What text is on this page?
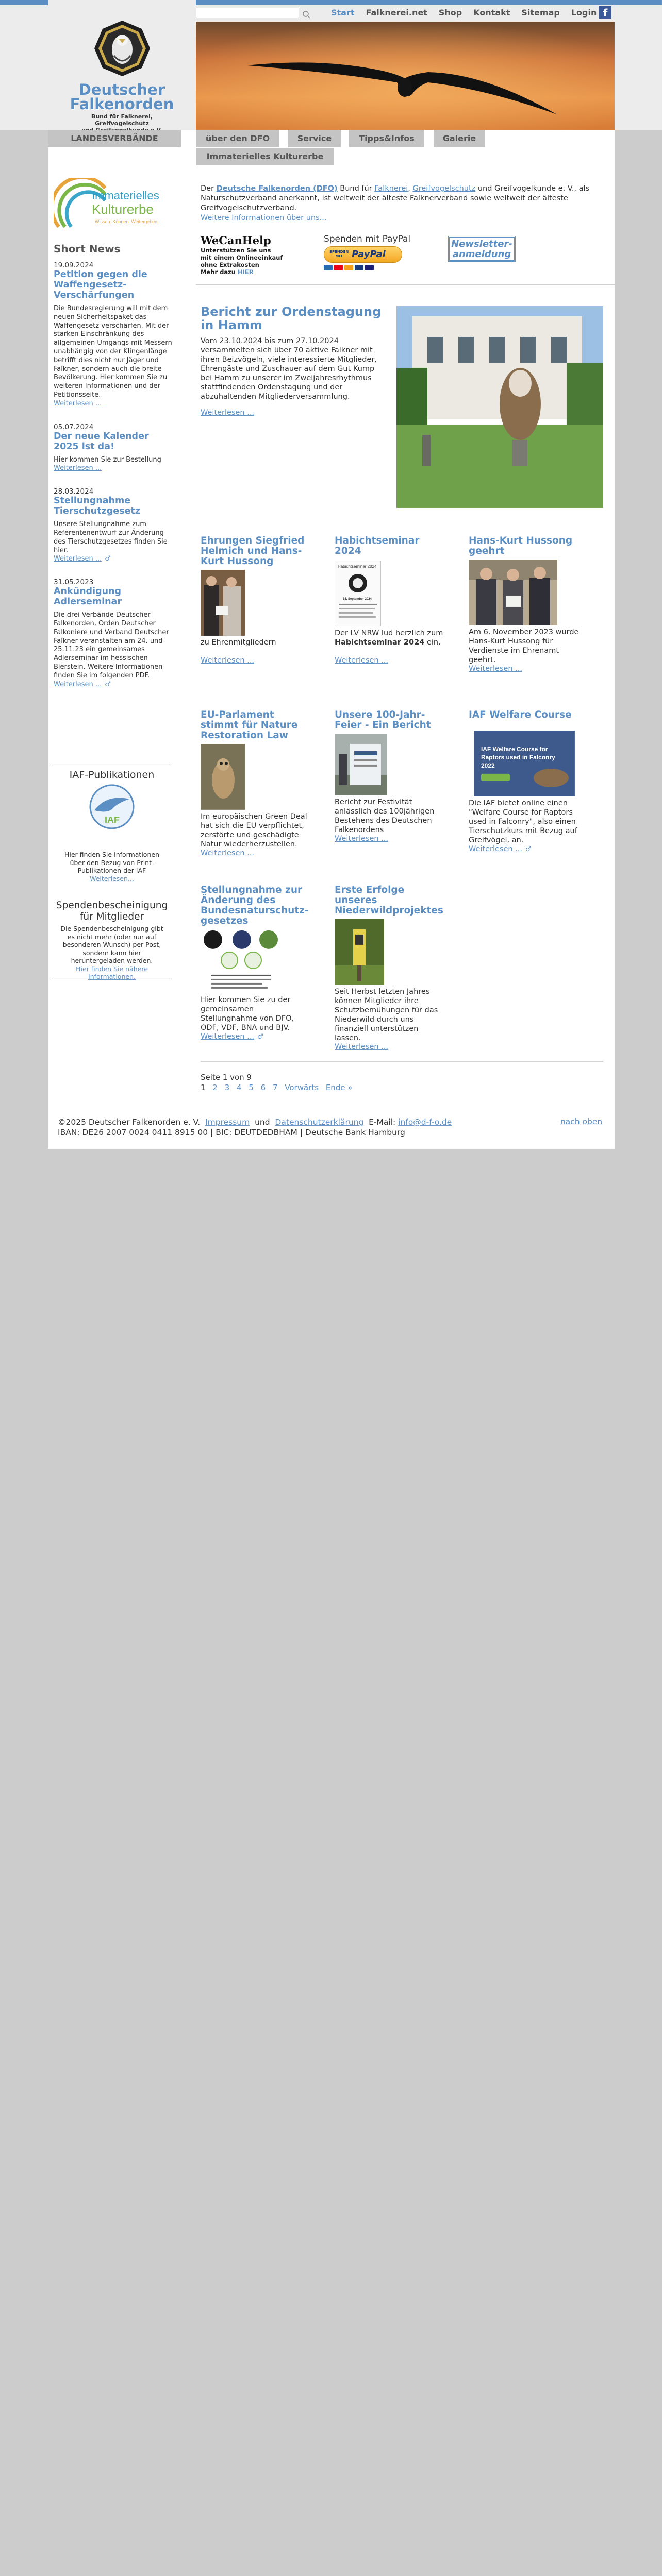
Deutscher
Falkenorden
Bund für Falknerei,
Greifvogelschutz
Start Falknerei.net Shop Kontakt Sitemap Login f
LANDESVERBÄNDE	über den DFO	Service	Tipps&Infos	Galerie
Immaterielles Kulturerbe
Immaterielles
Kulturerbe
Wissen. Können. Weitergeben.
Short News
19.09.2024
Petition gegen die Waffengesetz-Verschärfungen
Die Bundesregierung will mit dem neuen Sicherheitspaket das Waffengesetz verschärfen. Mit der starken Einschränkung des allgemeinen Umgangs mit Messern unabhängig von der Klingenlänge betrifft dies nicht nur Jäger und Falkner, sondern auch die breite Bevölkerung. Hier kommen Sie zu weiteren Informationen und der Petitionsseite.
Weiterlesen ...
05.07.2024
Der neue Kalender 2025 ist da!
Hier kommen Sie zur Bestellung
Weiterlesen ...
28.03.2024
Stellungnahme Tierschutzgesetz
Unsere Stellungnahme zum Referentenentwurf zur Änderung des Tierschutzgesetzes finden Sie hier.
Weiterlesen ... ♂
31.05.2023
Ankündigung Adlerseminar
Die drei Verbände Deutscher Falkenorden, Orden Deutscher Falkoniere und Verband Deutscher Falkner veranstalten am 24. und 25.11.23 ein gemeinsames Adlerseminar im hessischen Bierstein. Weitere Informationen finden Sie im folgenden PDF.
Weiterlesen ... ♂
IAF-Publikationen
IAF
Hier finden Sie Informationen über den Bezug von Print-Publikationen der IAF
Weiterlesen...
Spendenbescheinigung für Mitglieder
Die Spendenbescheinigung gibt es nicht mehr (oder nur auf besonderen Wunsch) per Post, sondern kann hier heruntergeladen werden.
Hier finden Sie nähere Informationen.
Der Deutsche Falkenorden (DFO) Bund für Falknerei, Greifvogelschutz und Greifvogelkunde e. V., als Naturschutzverband anerkannt, ist weltweit der älteste Falknerverband sowie weltweit der älteste Greifvogelschutzverband.
Weitere Informationen über uns...
WeCanHelp
Unterstützen Sie uns
mit einem Onlineeinkauf
ohne Extrakosten
Mehr dazu HIER
Spenden mit PayPal
SPENDEN
MIT PayPal
Newsletter-
anmeldung
Bericht zur Ordenstagung in Hamm
Vom 23.10.2024 bis zum 27.10.2024 versammelten sich über 70 aktive Falkner mit ihren Beizvögeln, viele interessierte Mitglieder, Ehrengäste und Zuschauer auf dem Gut Kump bei Hamm zu unserer im Zweijahresrhythmus stattfindenden Ordenstagung und der abzuhaltenden Mitgliederversammlung.
Weiterlesen ...
Ehrungen Siegfried Helmich und Hans-Kurt Hussong
zu Ehrenmitgliedern
Weiterlesen ...
Habichtseminar 2024
Habichtseminar 2024
14. September 2024
Der LV NRW lud herzlich zum Habichtseminar 2024 ein.
Weiterlesen ...
Hans-Kurt Hussong geehrt
Am 6. November 2023 wurde Hans-Kurt Hussong für Verdienste im Ehrenamt geehrt.
Weiterlesen ...
EU-Parlament stimmt für Nature Restoration Law
Im europäischen Green Deal hat sich die EU verpflichtet, zerstörte und geschädigte Natur wiederherzustellen.
Weiterlesen ...
Unsere 100-Jahr-Feier - Ein Bericht
Bericht zur Festivität anlässlich des 100jährigen Bestehens des Deutschen Falkenordens
Weiterlesen ...
IAF Welfare Course
IAF Welfare Course for
Raptors used in Falconry
2022
Die IAF bietet online einen "Welfare Course for Raptors used in Falconry", also einen Tierschutzkurs mit Bezug auf Greifvögel, an.
Weiterlesen ... ♂
Stellungnahme zur Änderung des Bundesnaturschutz-gesetzes
Hier kommen Sie zu der gemeinsamen Stellungnahme von DFO, ODF, VDF, BNA und BJV.
Weiterlesen ... ♂
Erste Erfolge unseres Niederwildprojektes
Seit Herbst letzten Jahres können Mitglieder ihre Schutzbemühungen für das Niederwild durch uns finanziell unterstützen lassen.
Weiterlesen ...
Seite 1 von 9
1 2 3 4 5 6 7 Vorwärts Ende »
©2025 Deutscher Falkenorden e. V. Impressum und Datenschutzerklärung E-Mail: info@d-f-o.de
IBAN: DE26 2007 0024 0411 8915 00 | BIC: DEUTDEDBHAM | Deutsche Bank Hamburg
nach oben
